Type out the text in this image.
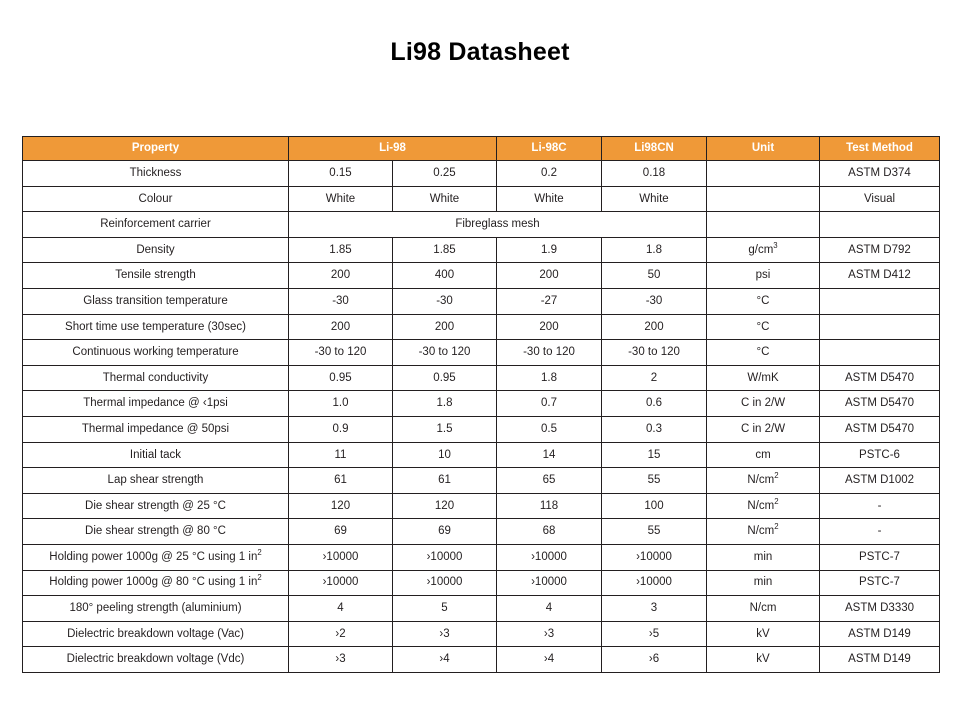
Li98 Datasheet
Property	Li-98		Li-98C	Li98CN	Unit	Test Method
Thickness	0.15	0.25	0.2	0.18		ASTM D374
Colour	White	White	White	White		Visual
Reinforcement carrier	Fibreglass mesh					
Density	1.85	1.85	1.9	1.8	$g/cm^3$	ASTM D792
Tensile strength	200	400	200	50	psi	ASTM D412
Glass transition temperature	-30	-30	-27	-30	°C	
Short time use temperature (30sec)	200	200	200	200	°C	
Continuous working temperature	-30 to 120	-30 to 120	-30 to 120	-30 to 120	°C	
Thermal conductivity	0.95	0.95	1.8	2	W/mK	ASTM D5470
Thermal impedance @ ‹1psi	1.0	1.8	0.7	0.6	C in 2/W	ASTM D5470
Thermal impedance @ 50psi	0.9	1.5	0.5	0.3	C in 2/W	ASTM D5470
Initial tack	11	10	14	15	cm	PSTC-6
Lap shear strength	61	61	65	55	$N/cm^2$	ASTM D1002
Die shear strength @ 25 °C	120	120	118	100	$N/cm^2$	-
Die shear strength @ 80 °C	69	69	68	55	$N/cm^2$	-
Holding power 1000g @ 25 °C using 1 $in^2$	›10000	›10000	›10000	›10000	min	PSTC-7
Holding power 1000g @ 80 °C using 1 $in^2$	›10000	›10000	›10000	›10000	min	PSTC-7
180° peeling strength (aluminium)	4	5	4	3	N/cm	ASTM D3330
Dielectric breakdown voltage (Vac)	›2	›3	›3	›5	kV	ASTM D149
Dielectric breakdown voltage (Vdc)	›3	›4	›4	›6	kV	ASTM D149
